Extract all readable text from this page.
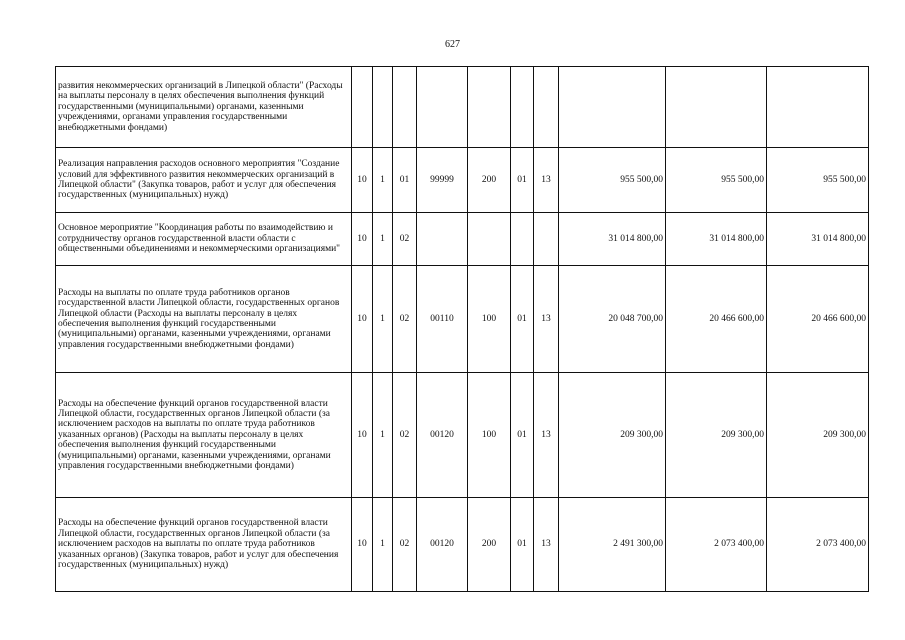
627
развития некоммерческих организаций в Липецкой области" (Расходы на выплаты персоналу в целях обеспечения выполнения функций государственными (муниципальными) органами, казенными учреждениями, органами управления государственными внебюджетными фондами)										
Реализация направления расходов основного мероприятия "Создание условий для эффективного развития некоммерческих организаций в Липецкой области" (Закупка товаров, работ и услуг для обеспечения государственных (муниципальных) нужд)	10	1	01	99999	200	01	13	955 500,00	955 500,00	955 500,00
Основное мероприятие "Координация работы по взаимодействию и сотрудничеству органов государственной власти области с общественными объединениями и некоммерческими организациями"	10	1	02					31 014 800,00	31 014 800,00	31 014 800,00
Расходы на выплаты по оплате труда работников органов государственной власти Липецкой области, государственных органов Липецкой области (Расходы на выплаты персоналу в целях обеспечения выполнения функций государственными (муниципальными) органами, казенными учреждениями, органами управления государственными внебюджетными фондами)	10	1	02	00110	100	01	13	20 048 700,00	20 466 600,00	20 466 600,00
Расходы на обеспечение функций органов государственной власти Липецкой области, государственных органов Липецкой области (за исключением расходов на выплаты по оплате труда работников указанных органов) (Расходы на выплаты персоналу в целях обеспечения выполнения функций государственными (муниципальными) органами, казенными учреждениями, органами управления государственными внебюджетными фондами)	10	1	02	00120	100	01	13	209 300,00	209 300,00	209 300,00
Расходы на обеспечение функций органов государственной власти Липецкой области, государственных органов Липецкой области (за исключением расходов на выплаты по оплате труда работников указанных органов) (Закупка товаров, работ и услуг для обеспечения государственных (муниципальных) нужд)	10	1	02	00120	200	01	13	2 491 300,00	2 073 400,00	2 073 400,00
